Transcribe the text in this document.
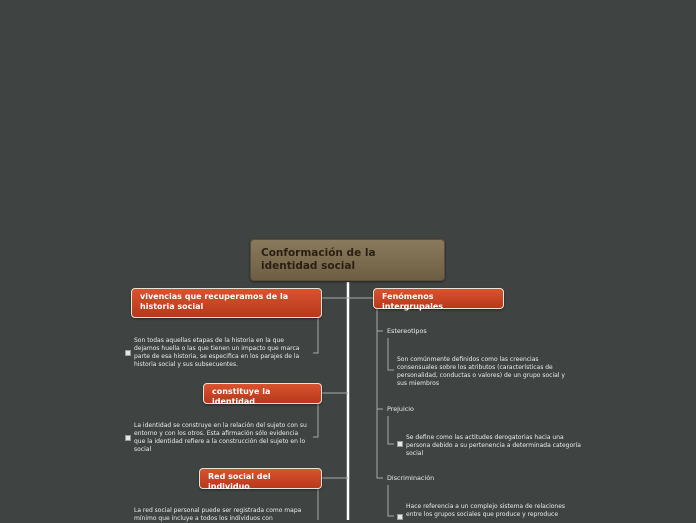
Conformación de la identidad social
vivencias que recuperamos de la historia social
Son todas aquellas etapas de la historia en la que dejamos huella o las que tienen un impacto que marca parte de esa historia, se especifica en los parajes de la historia social y sus subsecuentes.
constituye la identidad
La identidad se construye en la relación del sujeto con su entorno y con los otros. Esta afirmación sólo evidencia que la identidad refiere a la construcción del sujeto en lo social
Red social del individuo
La red social personal puede ser registrada como mapa mínimo que incluye a todos los individuos con
Fenómenos intergrupales
Estereotipos
Son comúnmente definidos como las creencias consensuales sobre los atributos (características de personalidad, conductas o valores) de un grupo social y sus miembros
Prejuicio
Se define como las actitudes derogatorias hacia una persona debido a su pertenencia a determinada categoría social
Discriminación
Hace referencia a un complejo sistema de relaciones entre los grupos sociales que produce y reproduce
